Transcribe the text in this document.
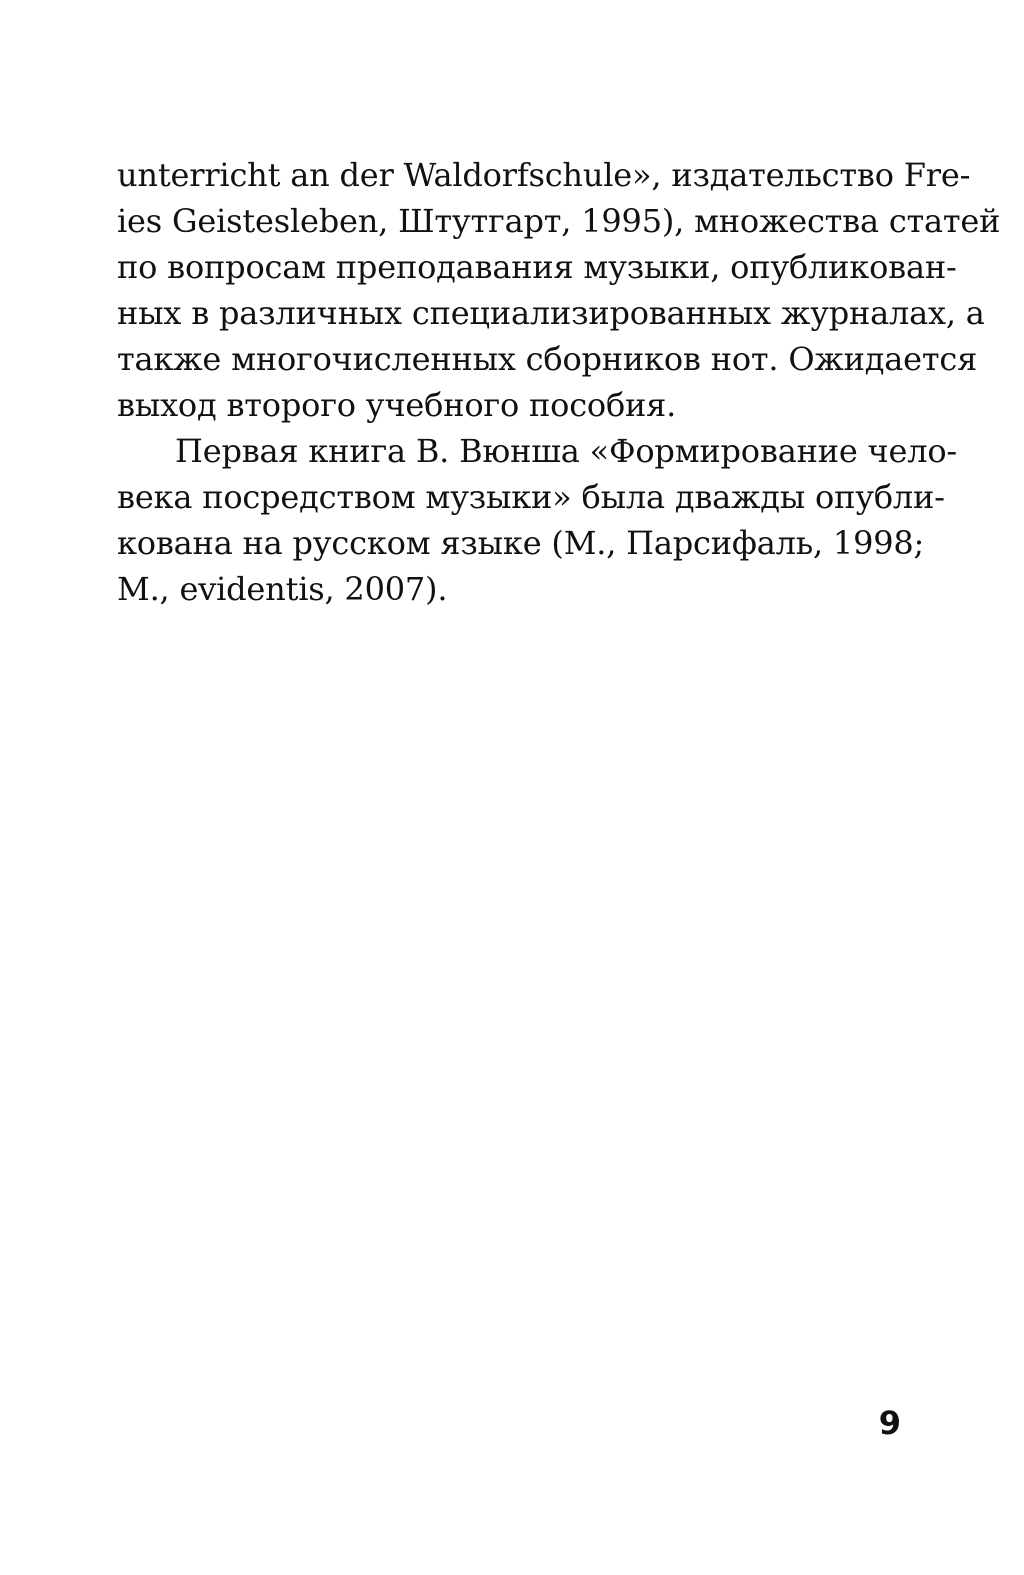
unterricht an der Waldorfschule», издательство Fre-
ies Geistesleben, Штутгарт, 1995), множества статей
по вопросам преподавания музыки, опубликован-
ных в различных специализированных журналах, а
также многочисленных сборников нот. Ожидается
выход второго учебного пособия.
Первая книга В. Вюнша «Формирование чело-
века посредством музыки» была дважды опубли-
кована на русском языке (М., Парсифаль, 1998;
М., evidentis, 2007).
9
